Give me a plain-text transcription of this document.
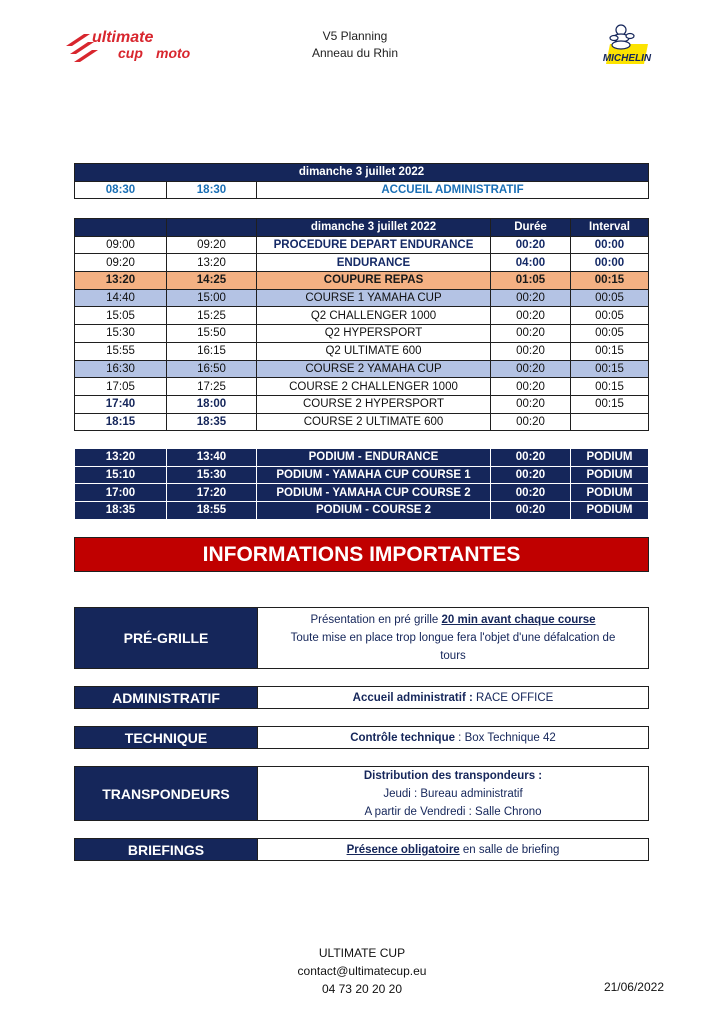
ultimate
cup moto
V5 Planning
Anneau du Rhin	MICHELIN
dimanche 3 juillet 2022
08:30	18:30	ACCUEIL ADMINISTRATIF
		dimanche 3 juillet 2022	Durée	Interval
09:00	09:20	PROCEDURE DEPART ENDURANCE	00:20	00:00
09:20	13:20	ENDURANCE	04:00	00:00
13:20	14:25	COUPURE REPAS	01:05	00:15
14:40	15:00	COURSE 1 YAMAHA CUP	00:20	00:05
15:05	15:25	Q2 CHALLENGER 1000	00:20	00:05
15:30	15:50	Q2 HYPERSPORT	00:20	00:05
15:55	16:15	Q2 ULTIMATE 600	00:20	00:15
16:30	16:50	COURSE 2 YAMAHA CUP	00:20	00:15
17:05	17:25	COURSE 2 CHALLENGER 1000	00:20	00:15
17:40	18:00	COURSE 2 HYPERSPORT	00:20	00:15
18:15	18:35	COURSE 2 ULTIMATE 600	00:20	
13:20	13:40	PODIUM - ENDURANCE	00:20	PODIUM
15:10	15:30	PODIUM - YAMAHA CUP COURSE 1	00:20	PODIUM
17:00	17:20	PODIUM - YAMAHA CUP COURSE 2	00:20	PODIUM
18:35	18:55	PODIUM - COURSE 2	00:20	PODIUM
INFORMATIONS IMPORTANTES
PRÉ-GRILLE
Présentation en pré grille 20 min avant chaque course
Toute mise en place trop longue fera l'objet d'une défalcation de
tours
ADMINISTRATIF	Accueil administratif : RACE OFFICE
TECHNIQUE	Contrôle technique : Box Technique 42
TRANSPONDEURS
Distribution des transpondeurs :
Jeudi : Bureau administratif
A partir de Vendredi : Salle Chrono
BRIEFINGS	Présence obligatoire en salle de briefing
ULTIMATE CUP
contact@ultimatecup.eu
04 73 20 20 20	21/06/2022
